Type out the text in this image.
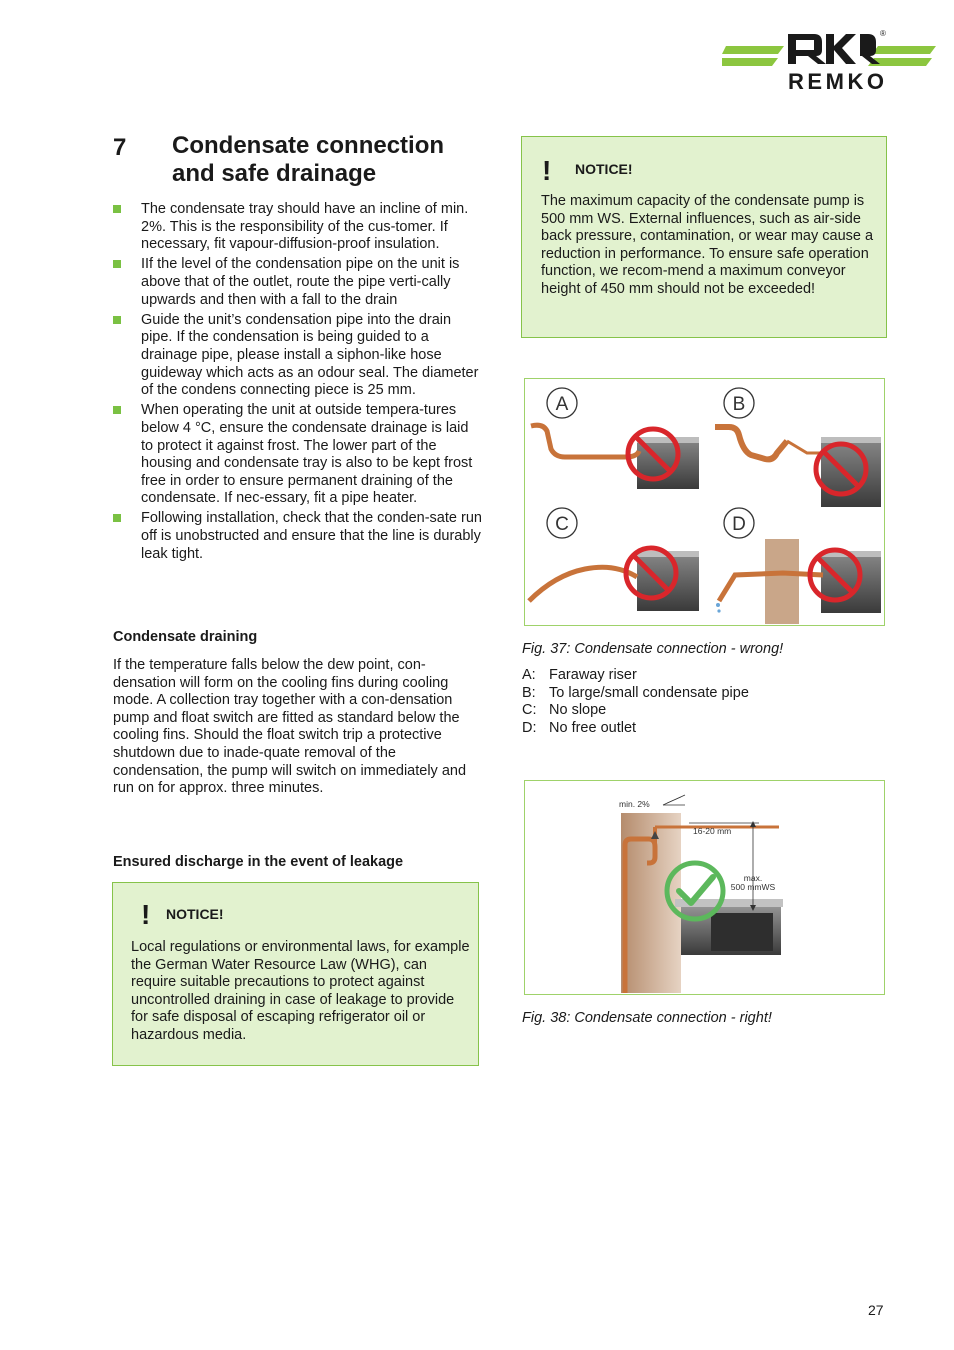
®
REMKO
7 Condensate connection
and safe drainage
The condensate tray should have an incline of min. 2%. This is the responsibility of the cus-tomer. If necessary, fit vapour-diffusion-proof insulation.
IIf the level of the condensation pipe on the unit is above that of the outlet, route the pipe verti-cally upwards and then with a fall to the drain
Guide the unit’s condensation pipe into the drain pipe. If the condensation is being guided to a drainage pipe, please install a siphon-like hose guideway which acts as an odour seal. The diameter of the condens connecting piece is 25 mm.
When operating the unit at outside tempera-tures below 4 °C, ensure the condensate drainage is laid to protect it against frost. The lower part of the housing and condensate tray is also to be kept frost free in order to ensure permanent draining of the condensate. If nec-essary, fit a pipe heater.
Following installation, check that the conden-sate run off is unobstructed and ensure that the line is durably leak tight.
Condensate draining
If the temperature falls below the dew point, con-densation will form on the cooling fins during cooling mode. A collection tray together with a con-densation pump and float switch are fitted as standard below the cooling fins. Should the float switch trip a protective shutdown due to inade-quate removal of the condensation, the pump will switch on immediately and run on for approx. three minutes.
Ensured discharge in the event of leakage
! NOTICE!
Local regulations or environmental laws, for example the German Water Resource Law (WHG), can require suitable precautions to protect against uncontrolled draining in case of leakage to provide for safe disposal of escaping refrigerator oil or hazardous media.
! NOTICE!
The maximum capacity of the condensate pump is 500 mm WS. External influences, such as air-side back pressure, contamination, or wear may cause a reduction in performance. To ensure safe operation function, we recom-mend a maximum conveyor height of 450 mm should not be exceeded!
A	B
C	D
Fig. 37: Condensate connection - wrong!
A: Faraway riser
B: To large/small condensate pipe
C: No slope
D: No free outlet
min. 2%
16-20 mm
max.
500 mmWS
Fig. 38: Condensate connection - right!
27
